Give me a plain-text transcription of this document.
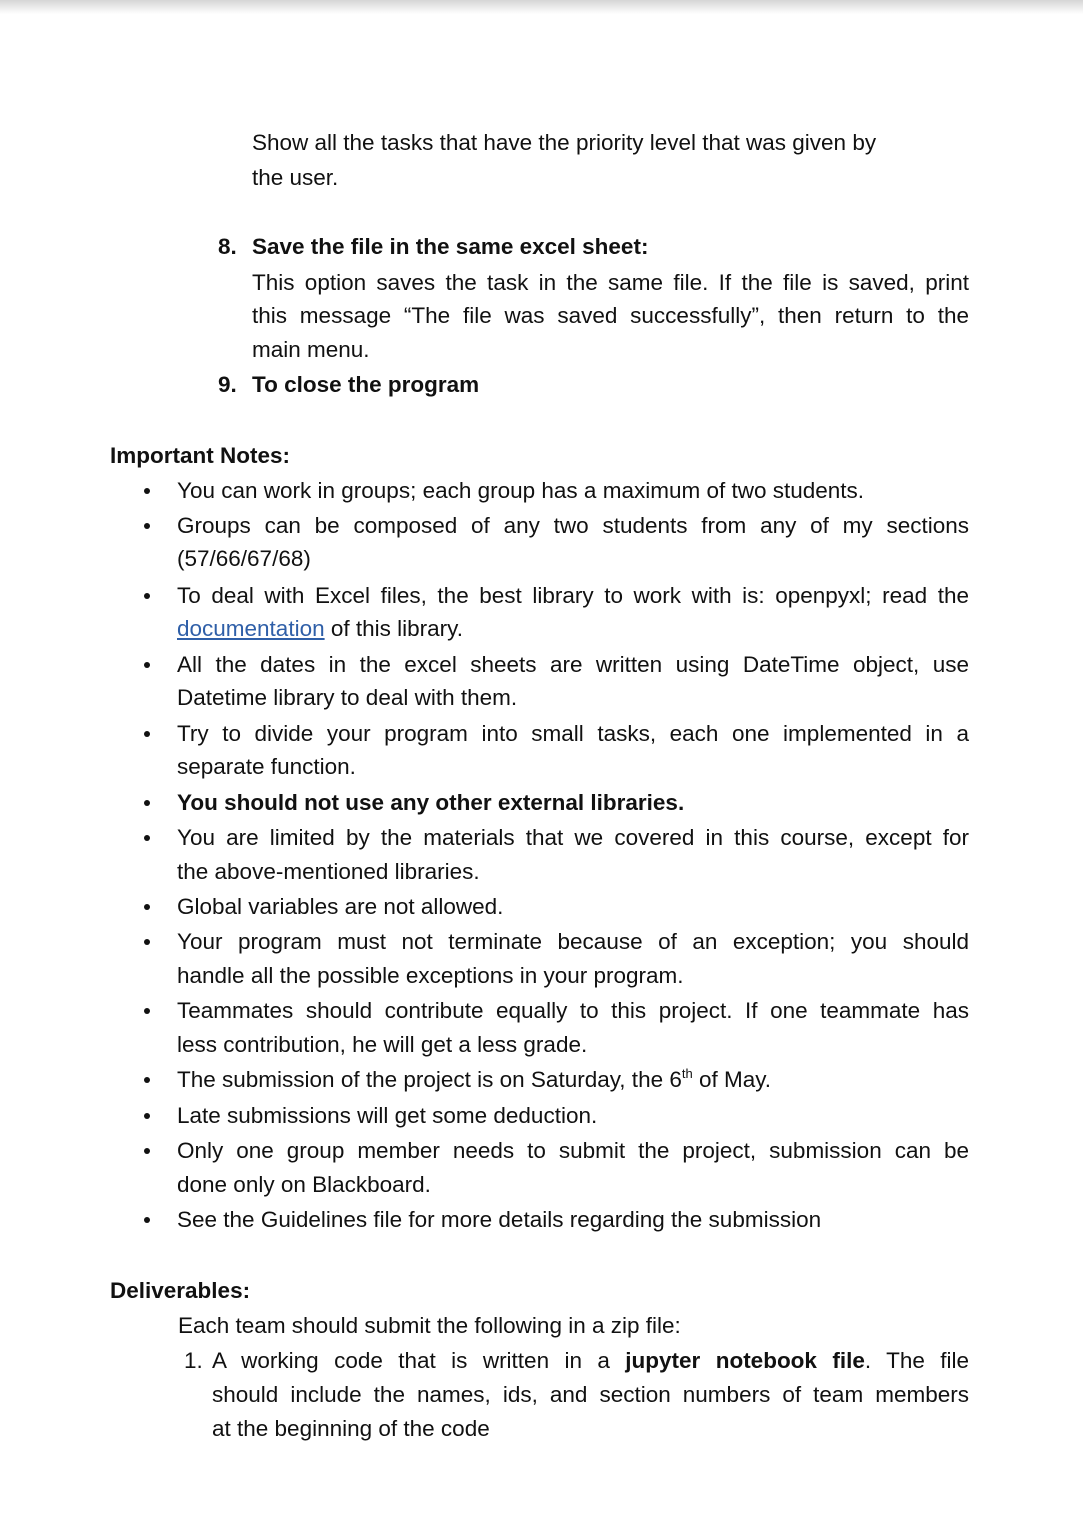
Show all the tasks that have the priority level that was given by
the user.
8. Save the file in the same excel sheet:
This option saves the task in the same file. If the file is saved, print
this message “The file was saved successfully”, then return to the
main menu.
9. To close the program
Important Notes:
You can work in groups; each group has a maximum of two students.
Groups can be composed of any two students from any of my sections
(57/66/67/68)
To deal with Excel files, the best library to work with is: openpyxl; read the
documentation of this library.
All the dates in the excel sheets are written using DateTime object, use
Datetime library to deal with them.
Try to divide your program into small tasks, each one implemented in a
separate function.
You should not use any other external libraries.
You are limited by the materials that we covered in this course, except for
the above-mentioned libraries.
Global variables are not allowed.
Your program must not terminate because of an exception; you should
handle all the possible exceptions in your program.
Teammates should contribute equally to this project. If one teammate has
less contribution, he will get a less grade.
The submission of the project is on Saturday, the 6th of May.
Late submissions will get some deduction.
Only one group member needs to submit the project, submission can be
done only on Blackboard.
See the Guidelines file for more details regarding the submission
Deliverables:
Each team should submit the following in a zip file:
1. A working code that is written in a jupyter notebook file. The file
should include the names, ids, and section numbers of team members
at the beginning of the code
